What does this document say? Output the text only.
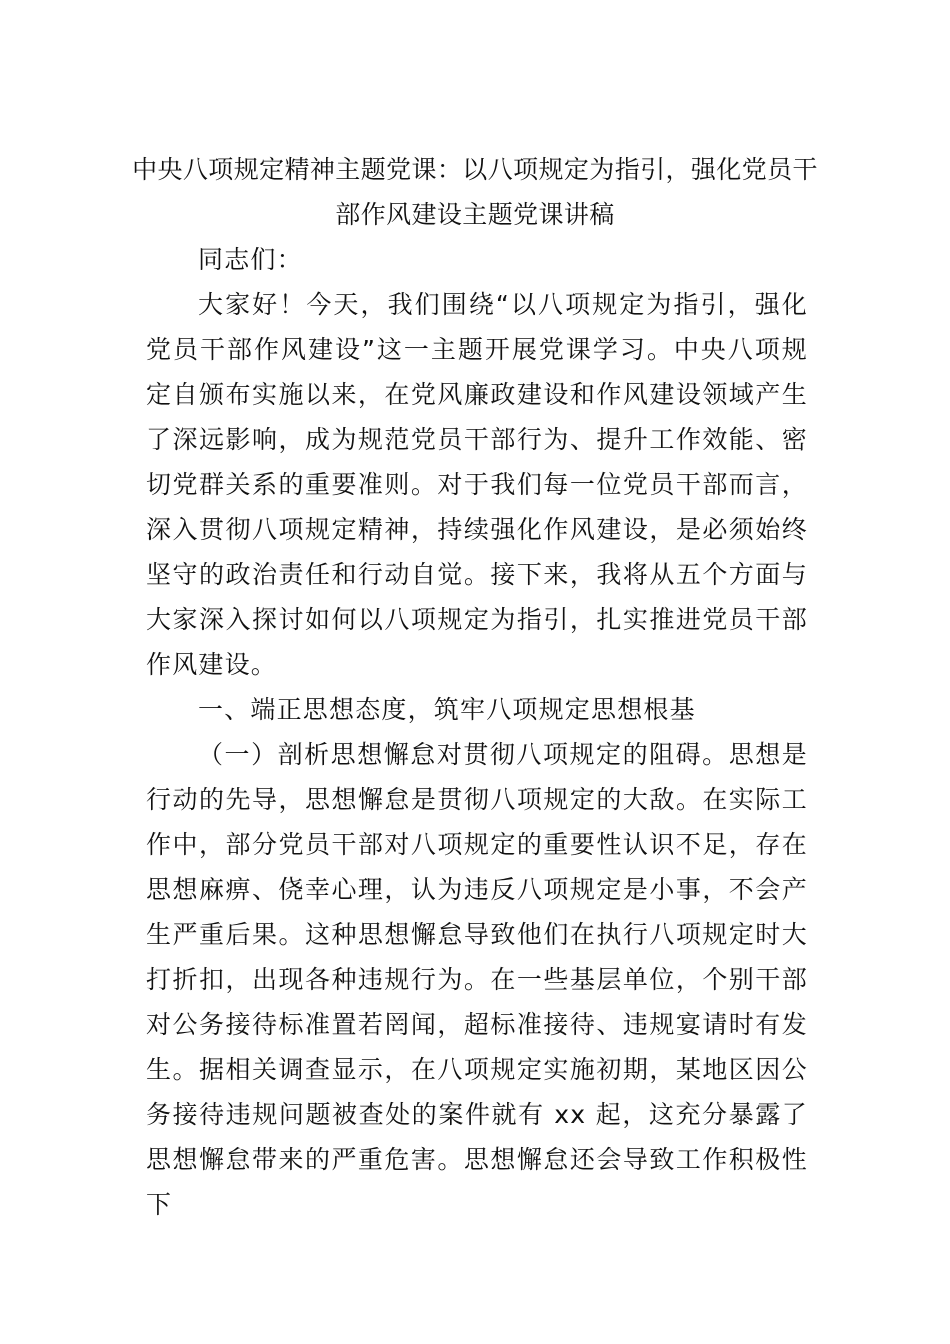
中央八项规定精神主题党课：以八项规定为指引，强化党员干部作风建设主题党课讲稿

同志们：

大家好！今天，我们围绕“以八项规定为指引，强化党员干部作风建设”这一主题开展党课学习。中央八项规定自颁布实施以来，在党风廉政建设和作风建设领域产生了深远影响，成为规范党员干部行为、提升工作效能、密切党群关系的重要准则。对于我们每一位党员干部而言，深入贯彻八项规定精神，持续强化作风建设，是必须始终坚守的政治责任和行动自觉。接下来，我将从五个方面与大家深入探讨如何以八项规定为指引，扎实推进党员干部作风建设。

一、端正思想态度，筑牢八项规定思想根基

（一）剖析思想懈怠对贯彻八项规定的阻碍。思想是行动的先导，思想懈怠是贯彻八项规定的大敌。在实际工作中，部分党员干部对八项规定的重要性认识不足，存在思想麻痹、侥幸心理，认为违反八项规定是小事，不会产生严重后果。这种思想懈怠导致他们在执行八项规定时大打折扣，出现各种违规行为。在一些基层单位，个别干部对公务接待标准置若罔闻，超标准接待、违规宴请时有发生。据相关调查显示，在八项规定实施初期，某地区因公务接待违规问题被查处的案件就有 xx 起，这充分暴露了思想懈怠带来的严重危害。思想懈怠还会导致工作积极性下
